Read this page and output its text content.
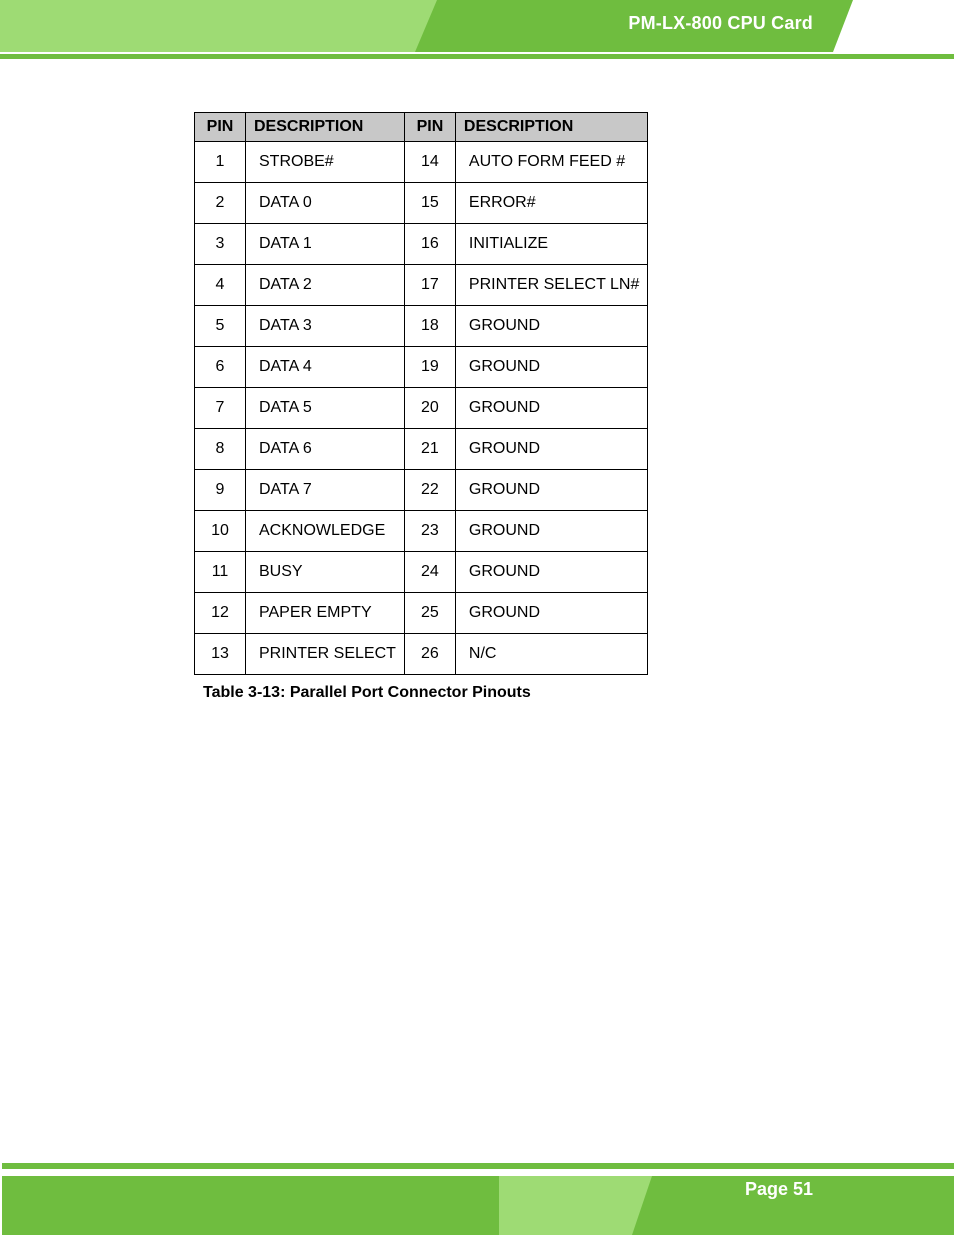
PM-LX-800 CPU Card
PIN	DESCRIPTION	PIN	DESCRIPTION
1	STROBE#	14	AUTO FORM FEED #
2	DATA 0	15	ERROR#
3	DATA 1	16	INITIALIZE
4	DATA 2	17	PRINTER SELECT LN#
5	DATA 3	18	GROUND
6	DATA 4	19	GROUND
7	DATA 5	20	GROUND
8	DATA 6	21	GROUND
9	DATA 7	22	GROUND
10	ACKNOWLEDGE	23	GROUND
11	BUSY	24	GROUND
12	PAPER EMPTY	25	GROUND
13	PRINTER SELECT	26	N/C
Table 3-13: Parallel Port Connector Pinouts
Page 51
